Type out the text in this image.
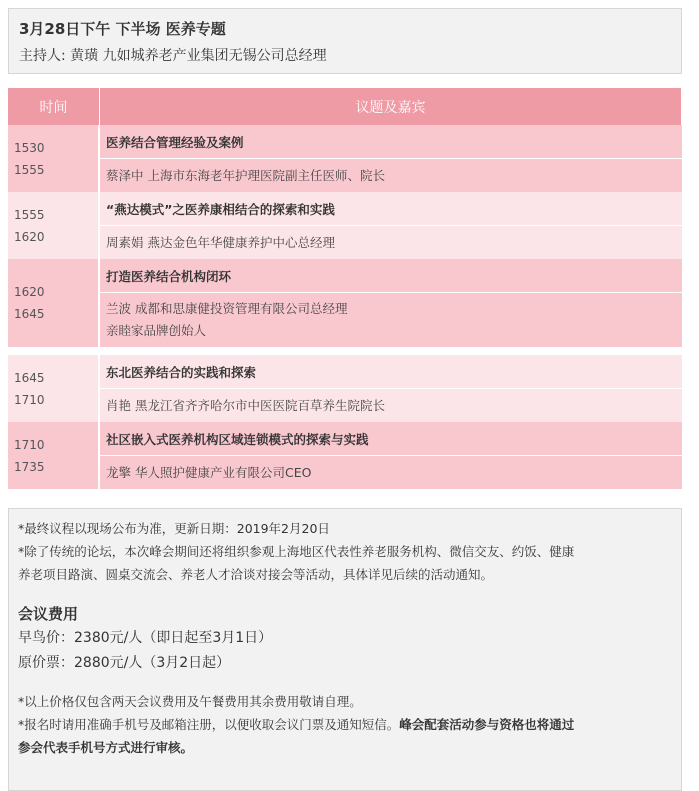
3月28日下午 下半场 医养专题
主持人: 黄璜 九如城养老产业集团无锡公司总经理
时间	议题及嘉宾

1530
1555	医养结合管理经验及案例
	蔡泽中 上海市东海老年护理医院副主任医师、院长

1555
1620	“燕达模式”之医养康相结合的探索和实践
	周素娟 燕达金色年华健康养护中心总经理

1620
1645	打造医养结合机构闭环

	兰波 成都和思康健投资管理有限公司总经理
亲睦家品牌创始人

1645
1710	东北医养结合的实践和探索
	肖艳 黑龙江省齐齐哈尔市中医医院百草养生院院长

1710
1735	社区嵌入式医养机构区域连锁模式的探索与实践
	龙擎 华人照护健康产业有限公司CEO
*最终议程以现场公布为准，更新日期：2019年2月20日
*除了传统的论坛，本次峰会期间还将组织参观上海地区代表性养老服务机构、微信交友、约饭、健康
养老项目路演、圆桌交流会、养老人才洽谈对接会等活动，具体详见后续的活动通知。
会议费用
早鸟价：2380元/人（即日起至3月1日）
原价票：2880元/人（3月2日起）
*以上价格仅包含两天会议费用及午餐费用其余费用敬请自理。
*报名时请用准确手机号及邮箱注册，以便收取会议门票及通知短信。峰会配套活动参与资格也将通过
参会代表手机号方式进行审核。
